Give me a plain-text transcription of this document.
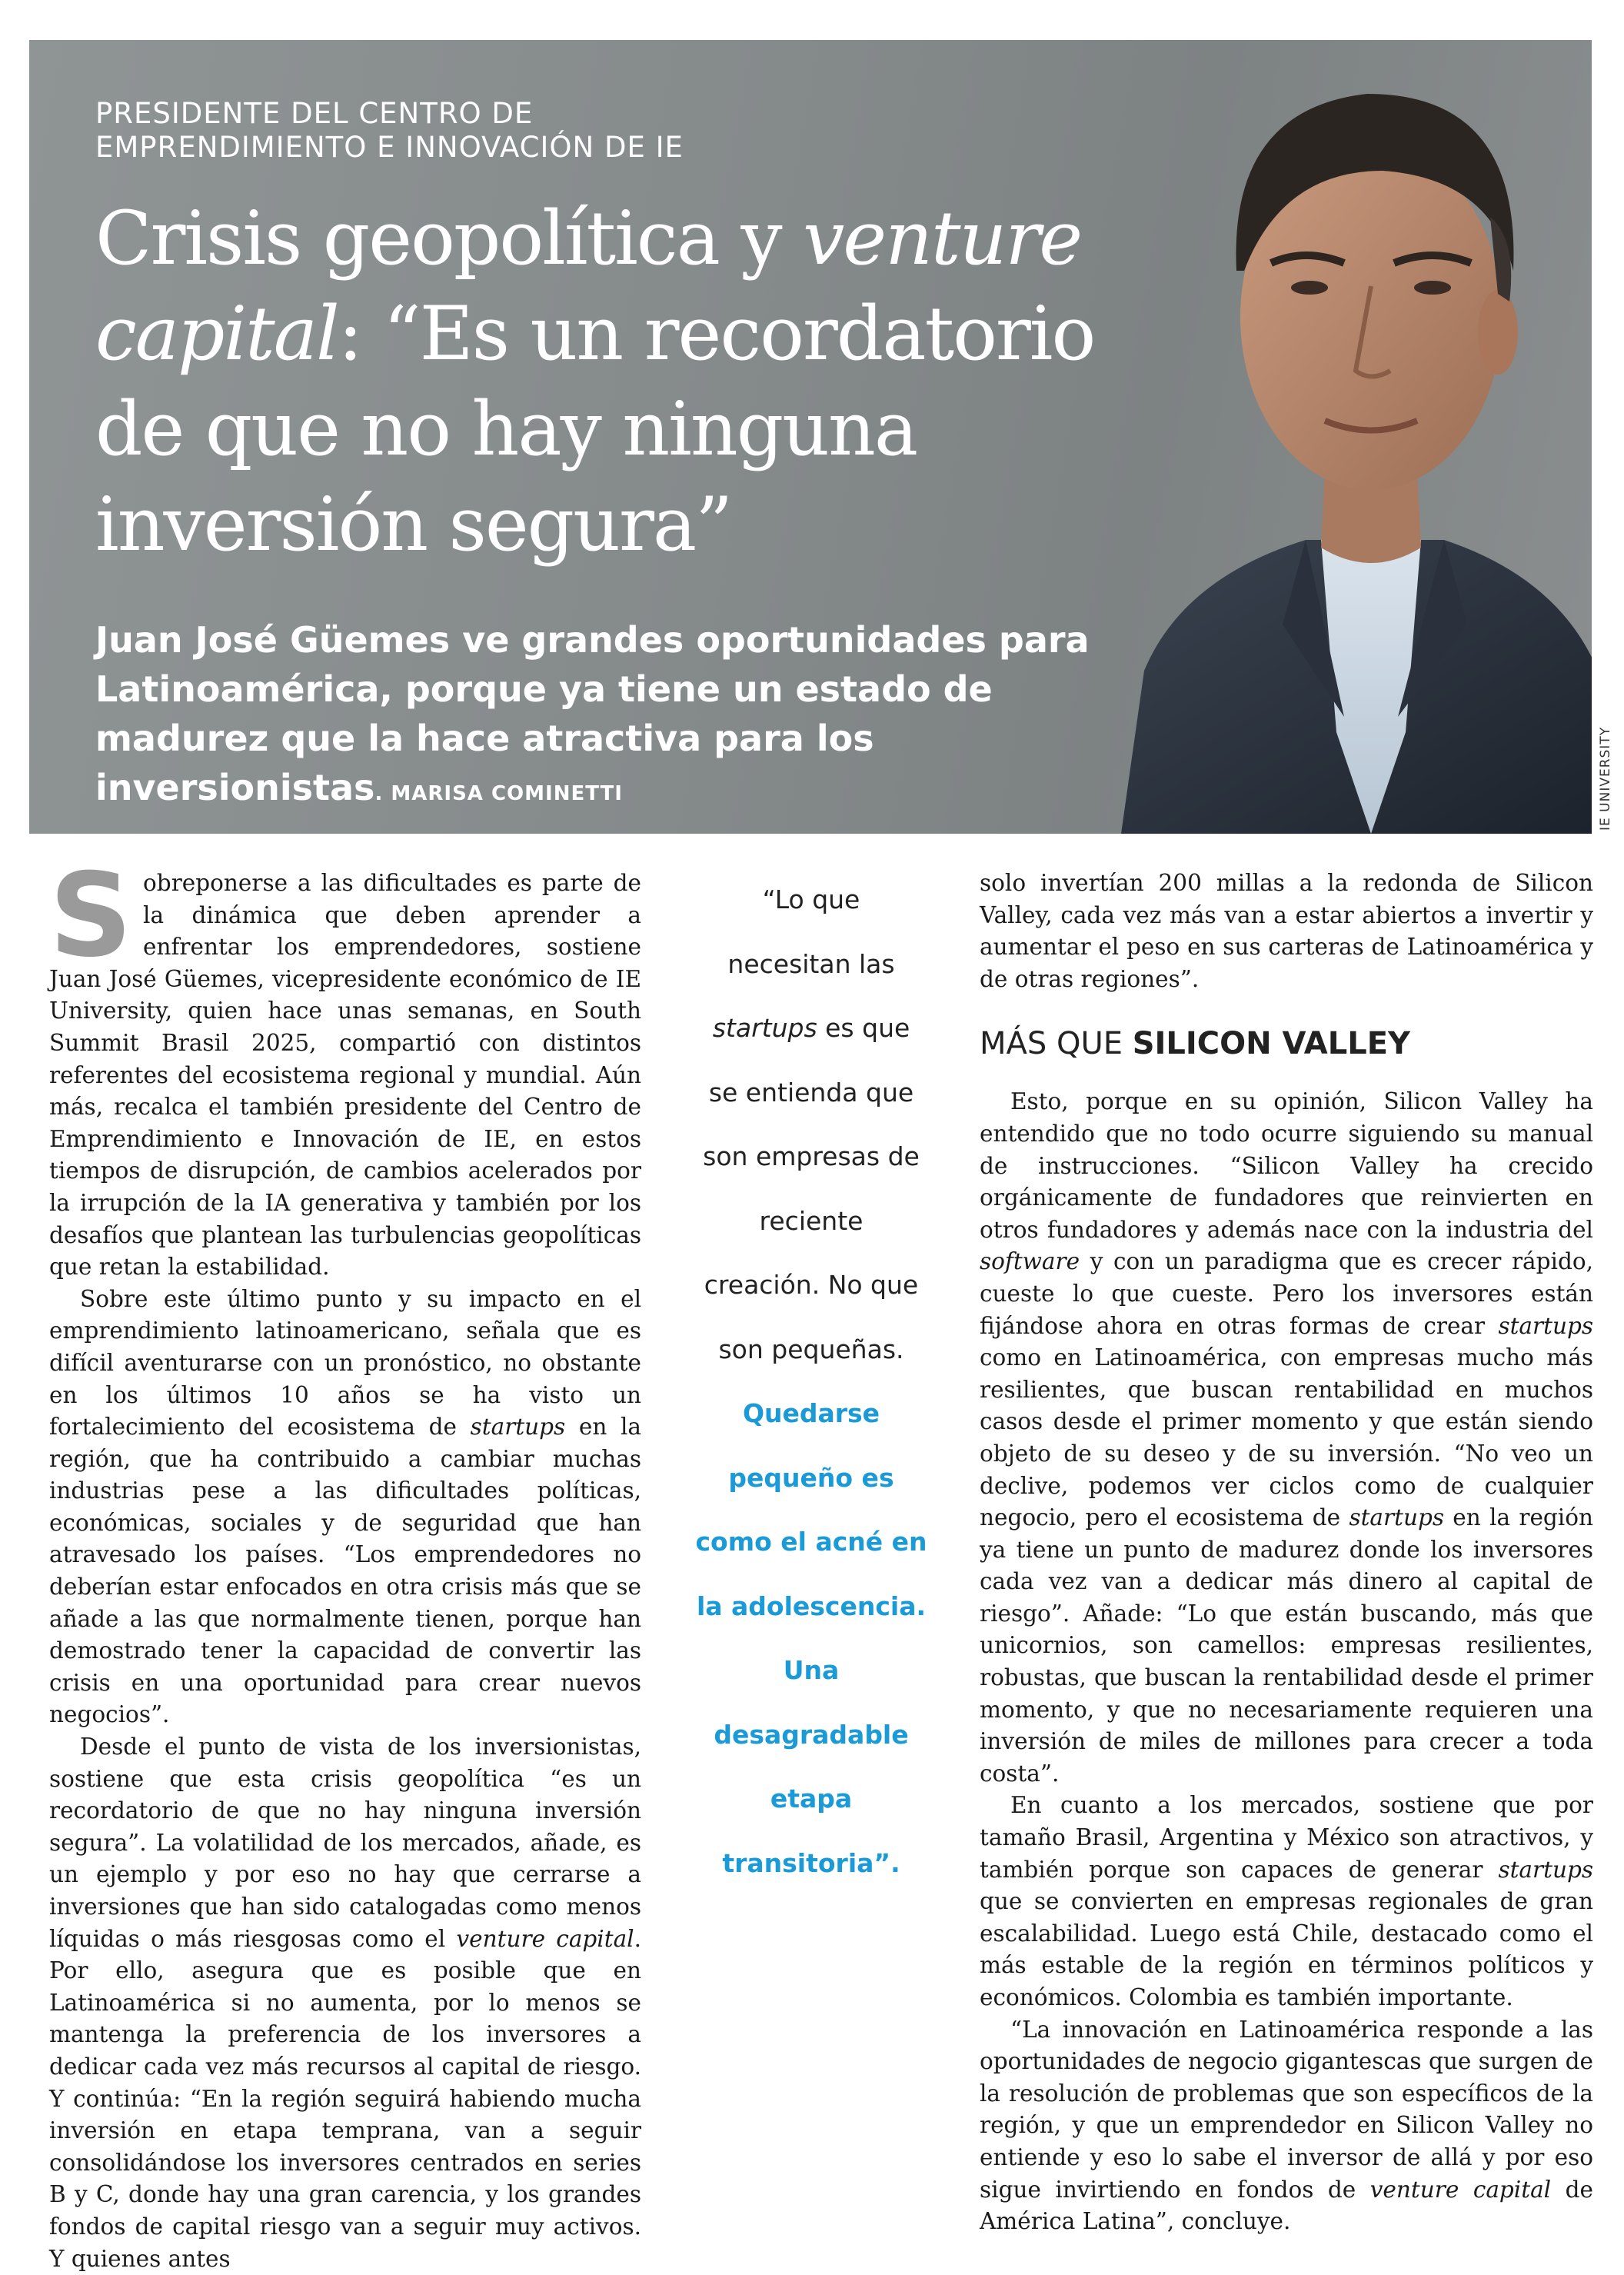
PRESIDENTE DEL CENTRO DE
EMPRENDIMIENTO E INNOVACIÓN DE IE
Crisis geopolítica y venture
capital: “Es un recordatorio
de que no hay ninguna
inversión segura”
Juan José Güemes ve grandes oportunidades para
Latinoamérica, porque ya tiene un estado de
madurez que la hace atractiva para los
inversionistas. MARISA COMINETTI	IE UNIVERSITY

Sobreponerse a las dificultades es parte de la dinámica que deben aprender a enfrentar los emprendedores, sostiene Juan José Güemes, vicepresidente económico de IE University, quien hace unas semanas, en South Summit Brasil 2025, compartió con distintos referentes del ecosistema regional y mundial. Aún más, recalca el también presidente del Centro de Emprendimiento e Innovación de IE, en estos tiempos de disrupción, de cambios acelerados por la irrupción de la IA generativa y también por los desafíos que plantean las turbulencias geopolíticas que retan la estabilidad.

Sobre este último punto y su impacto en el emprendimiento latinoamericano, señala que es difícil aventurarse con un pronóstico, no obstante en los últimos 10 años se ha visto un fortalecimiento del ecosistema de startups en la región, que ha contribuido a cambiar muchas industrias pese a las dificultades políticas, económicas, sociales y de seguridad que han atravesado los países. “Los emprendedores no deberían estar enfocados en otra crisis más que se añade a las que normalmente tienen, porque han demostrado tener la capacidad de convertir las crisis en una oportunidad para crear nuevos negocios”.

Desde el punto de vista de los inversionistas, sostiene que esta crisis geopolítica “es un recordatorio de que no hay ninguna inversión segura”. La volatilidad de los mercados, añade, es un ejemplo y por eso no hay que cerrarse a inversiones que han sido catalogadas como menos líquidas o más riesgosas como el venture capital. Por ello, asegura que es posible que en Latinoamérica si no aumenta, por lo menos se mantenga la preferencia de los inversores a dedicar cada vez más recursos al capital de riesgo. Y continúa: “En la región seguirá habiendo mucha inversión en etapa temprana, van a seguir consolidándose los inversores centrados en series B y C, donde hay una gran carencia, y los grandes fondos de capital riesgo van a seguir muy activos. Y quienes antes

“Lo que
necesitan las
startups es que
se entienda que
son empresas de
reciente
creación. No que
son pequeñas.
Quedarse
pequeño es
como el acné en
la adolescencia.
Una
desagradable
etapa
transitoria”.

solo invertían 200 millas a la redonda de Silicon Valley, cada vez más van a estar abiertos a invertir y aumentar el peso en sus carteras de Latinoamérica y de otras regiones”.

MÁS QUE SILICON VALLEY

Esto, porque en su opinión, Silicon Valley ha entendido que no todo ocurre siguiendo su manual de instrucciones. “Silicon Valley ha crecido orgánicamente de fundadores que reinvierten en otros fundadores y además nace con la industria del software y con un paradigma que es crecer rápido, cueste lo que cueste. Pero los inversores están fijándose ahora en otras formas de crear startups como en Latinoamérica, con empresas mucho más resilientes, que buscan rentabilidad en muchos casos desde el primer momento y que están siendo objeto de su deseo y de su inversión. “No veo un declive, podemos ver ciclos como de cualquier negocio, pero el ecosistema de startups en la región ya tiene un punto de madurez donde los inversores cada vez van a dedicar más dinero al capital de riesgo”. Añade: “Lo que están buscando, más que unicornios, son camellos: empresas resilientes, robustas, que buscan la rentabilidad desde el primer momento, y que no necesariamente requieren una inversión de miles de millones para crecer a toda costa”.

En cuanto a los mercados, sostiene que por tamaño Brasil, Argentina y México son atractivos, y también porque son capaces de generar startups que se convierten en empresas regionales de gran escalabilidad. Luego está Chile, destacado como el más estable de la región en términos políticos y económicos. Colombia es también importante.

“La innovación en Latinoamérica responde a las oportunidades de negocio gigantescas que surgen de la resolución de problemas que son específicos de la región, y que un emprendedor en Silicon Valley no entiende y eso lo sabe el inversor de allá y por eso sigue invirtiendo en fondos de venture capital de América Latina”, concluye.
